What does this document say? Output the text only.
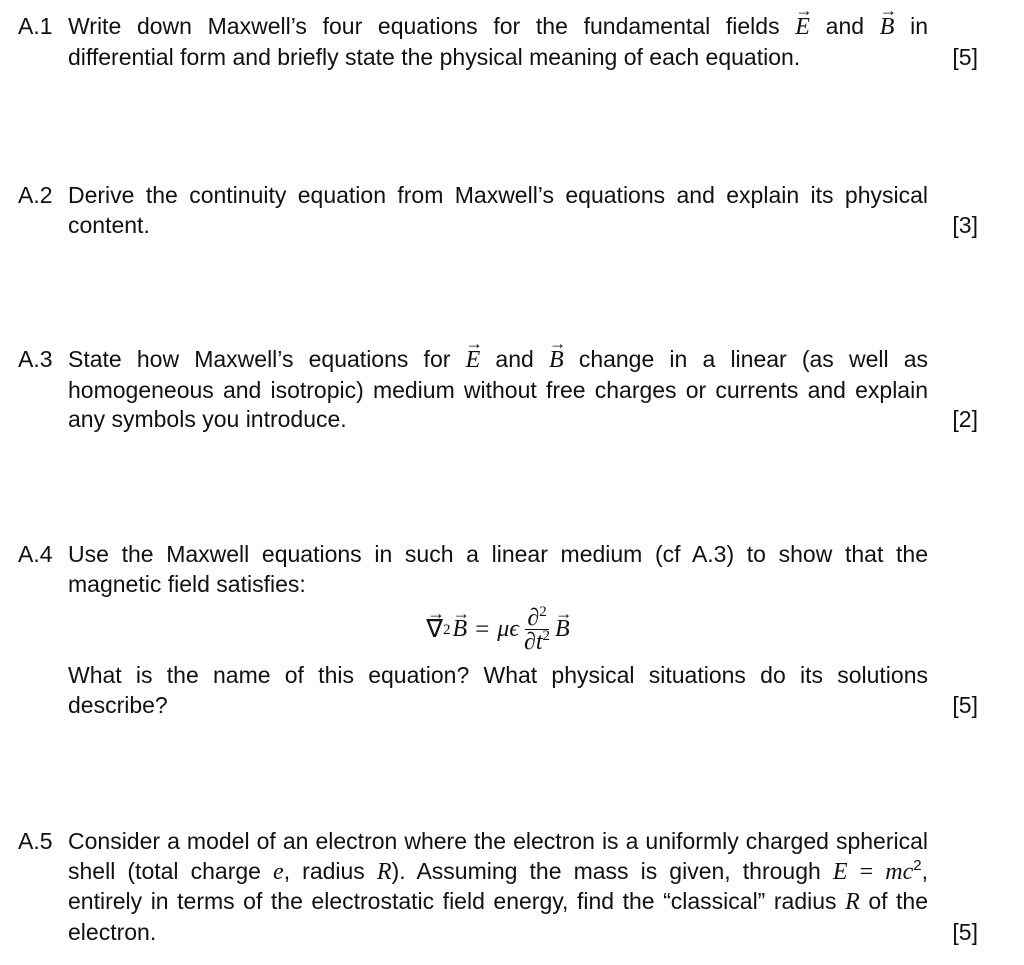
A.1 Write down Maxwell’s four equations for the fundamental fields → E and → B in differential form and briefly state the physical meaning of each equation.	[5]
A.2 Derive the continuity equation from Maxwell’s equations and explain its physical content.	[3]
A.3 State how Maxwell’s equations for → E and → B change in a linear (as well as homogeneous and isotropic) medium without free charges or currents and explain any symbols you introduce.	[2]
A.4 Use the Maxwell equations in such a linear medium (cf A.3) to show that the magnetic field satisfies:
→ ∇ 2
→ B = μ ϵ $\frac{\partial^2}{\partial t^2}$
→ B
What is the name of this equation? What physical situations do its solutions describe?	[5]
A.5 Consider a model of an electron where the electron is a uniformly charged spherical shell (total charge e, radius R). Assuming the mass is given, through $E = mc^2$, entirely in terms of the electrostatic field energy, find the “classical” radius R of the electron.	[5]
